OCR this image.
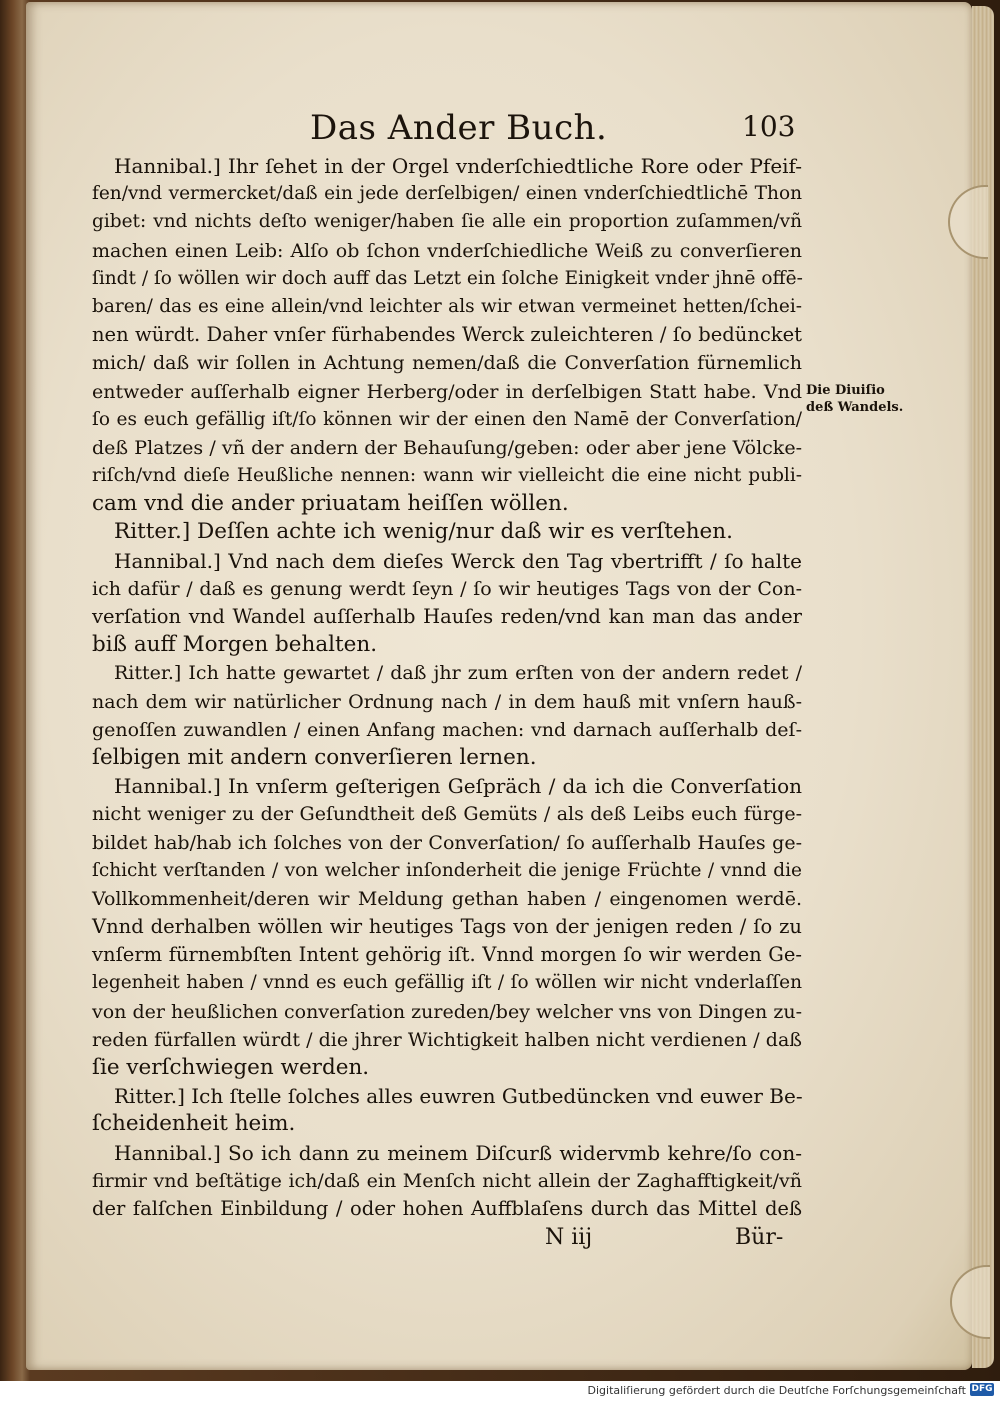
Das Ander Buch.	103
Hannibal.] Ihr ſehet in der Orgel vnderſchiedtliche Rore oder Pfeif-
fen/vnd vermercket/daß ein jede derſelbigen/ einen vnderſchiedtlichē Thon
gibet: vnd nichts deſto weniger/haben ſie alle ein proportion zuſammen/vñ
machen einen Leib: Alſo ob ſchon vnderſchiedliche Weiß zu converſieren
ſindt / ſo wöllen wir doch auff das Letzt ein ſolche Einigkeit vnder jhnē offē-
baren/ das es eine allein/vnd leichter als wir etwan vermeinet hetten/ſchei-
nen würdt. Daher vnſer fürhabendes Werck zuleichteren / ſo bedüncket
mich/ daß wir ſollen in Achtung nemen/daß die Converſation fürnemlich
entweder auſſerhalb eigner Herberg/oder in derſelbigen Statt habe. Vnd
ſo es euch gefällig iſt/ſo können wir der einen den Namē der Converſation/
deß Platzes / vñ der andern der Behauſung/geben: oder aber jene Völcke-
riſch/vnd dieſe Heußliche nennen: wann wir vielleicht die eine nicht publi-
cam vnd die ander priuatam heiſſen wöllen.
Ritter.] Deſſen achte ich wenig/nur daß wir es verſtehen.
Hannibal.] Vnd nach dem dieſes Werck den Tag vbertrifft / ſo halte
ich dafür / daß es genung werdt ſeyn / ſo wir heutiges Tags von der Con-
verſation vnd Wandel auſſerhalb Hauſes reden/vnd kan man das ander
biß auff Morgen behalten.
Ritter.] Ich hatte gewartet / daß jhr zum erſten von der andern redet /
nach dem wir natürlicher Ordnung nach / in dem hauß mit vnſern hauß-
genoſſen zuwandlen / einen Anfang machen: vnd darnach auſſerhalb deſ-
ſelbigen mit andern converſieren lernen.
Hannibal.] In vnſerm geſterigen Geſpräch / da ich die Converſation
nicht weniger zu der Geſundtheit deß Gemüts / als deß Leibs euch fürge-
bildet hab/hab ich ſolches von der Converſation/ ſo auſſerhalb Hauſes ge-
ſchicht verſtanden / von welcher inſonderheit die jenige Früchte / vnnd die
Vollkommenheit/deren wir Meldung gethan haben / eingenomen werdē.
Vnnd derhalben wöllen wir heutiges Tags von der jenigen reden / ſo zu
vnſerm fürnembſten Intent gehörig iſt. Vnnd morgen ſo wir werden Ge-
legenheit haben / vnnd es euch gefällig iſt / ſo wöllen wir nicht vnderlaſſen
von der heußlichen converſation zureden/bey welcher vns von Dingen zu-
reden fürfallen würdt / die jhrer Wichtigkeit halben nicht verdienen / daß
ſie verſchwiegen werden.
Ritter.] Ich ſtelle ſolches alles euwren Gutbedüncken vnd euwer Be-
ſcheidenheit heim.
Hannibal.] So ich dann zu meinem Diſcurß widervmb kehre/ſo con-
firmir vnd beſtätige ich/daß ein Menſch nicht allein der Zaghafftigkeit/vñ
der falſchen Einbildung / oder hohen Auffblaſens durch das Mittel deß
Die Diuiſio
deß Wandels.
N iij	Bür-
Digitaliſierung gefördert durch die Deutſche Forſchungsgemeinſchaft DFG
